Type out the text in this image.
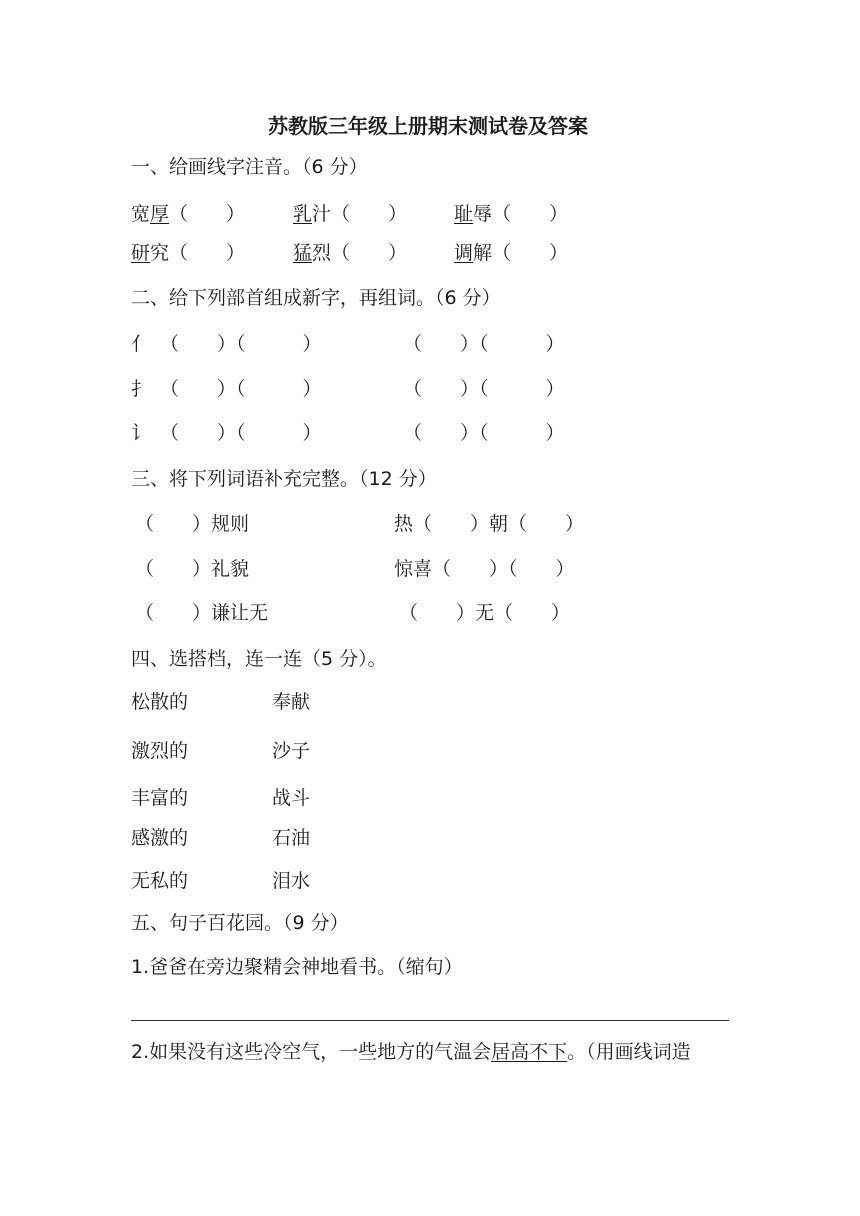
苏教版三年级上册期末测试卷及答案
一、给画线字注音。（6 分）
宽厚（　　）	乳汁（　　） 耻辱（　　）
研究（　　）	猛烈（　　） 调解（　　）
二、给下列部首组成新字，再组词。（6 分）
亻 （　　）（　　　）	（　　）（　　　）
扌 （　　）（　　　）	（　　）（　　　）
讠 （　　）（　　　）	（　　）（　　　）
三、将下列词语补充完整。（12 分）
（　　）规则	热（　　）朝（　　）
（　　）礼貌	惊喜（　　）（　　）
（　　）谦让无	（　　）无（　　）
四、选搭档，连一连（5 分）。
松散的	奉献
激烈的	沙子
丰富的	战斗
感激的	石油
无私的	泪水
五、句子百花园。（9 分）
1.爸爸在旁边聚精会神地看书。（缩句）
2.如果没有这些冷空气，一些地方的气温会居高不下。（用画线词造
